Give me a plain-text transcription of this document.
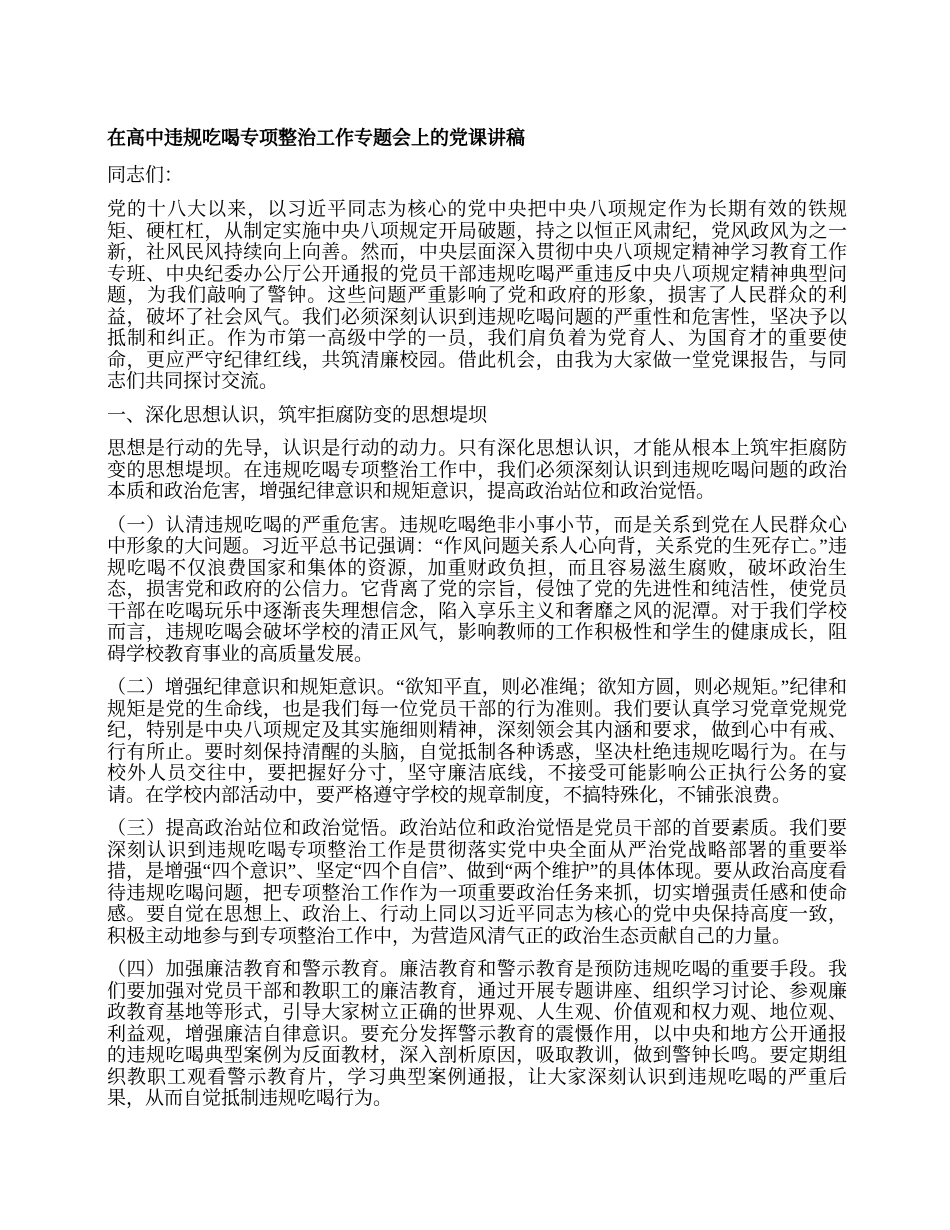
在高中违规吃喝专项整治工作专题会上的党课讲稿

同志们：

党的十八大以来，以习近平同志为核心的党中央把中央八项规定作为长期有效的铁规矩、硬杠杠，从制定实施中央八项规定开局破题，持之以恒正风肃纪，党风政风为之一新，社风民风持续向上向善。然而，中央层面深入贯彻中央八项规定精神学习教育工作专班、中央纪委办公厅公开通报的党员干部违规吃喝严重违反中央八项规定精神典型问题，为我们敲响了警钟。这些问题严重影响了党和政府的形象，损害了人民群众的利益，破坏了社会风气。我们必须深刻认识到违规吃喝问题的严重性和危害性，坚决予以抵制和纠正。作为市第一高级中学的一员，我们肩负着为党育人、为国育才的重要使命，更应严守纪律红线，共筑清廉校园。借此机会，由我为大家做一堂党课报告，与同志们共同探讨交流。

一、深化思想认识，筑牢拒腐防变的思想堤坝

思想是行动的先导，认识是行动的动力。只有深化思想认识，才能从根本上筑牢拒腐防变的思想堤坝。在违规吃喝专项整治工作中，我们必须深刻认识到违规吃喝问题的政治本质和政治危害，增强纪律意识和规矩意识，提高政治站位和政治觉悟。

（一）认清违规吃喝的严重危害。违规吃喝绝非小事小节，而是关系到党在人民群众心中形象的大问题。习近平总书记强调：“作风问题关系人心向背，关系党的生死存亡。”违规吃喝不仅浪费国家和集体的资源，加重财政负担，而且容易滋生腐败，破坏政治生态，损害党和政府的公信力。它背离了党的宗旨，侵蚀了党的先进性和纯洁性，使党员干部在吃喝玩乐中逐渐丧失理想信念，陷入享乐主义和奢靡之风的泥潭。对于我们学校而言，违规吃喝会破坏学校的清正风气，影响教师的工作积极性和学生的健康成长，阻碍学校教育事业的高质量发展。

（二）增强纪律意识和规矩意识。“欲知平直，则必准绳；欲知方圆，则必规矩。”纪律和规矩是党的生命线，也是我们每一位党员干部的行为准则。我们要认真学习党章党规党纪，特别是中央八项规定及其实施细则精神，深刻领会其内涵和要求，做到心中有戒、行有所止。要时刻保持清醒的头脑，自觉抵制各种诱惑，坚决杜绝违规吃喝行为。在与校外人员交往中，要把握好分寸，坚守廉洁底线，不接受可能影响公正执行公务的宴请。在学校内部活动中，要严格遵守学校的规章制度，不搞特殊化，不铺张浪费。

（三）提高政治站位和政治觉悟。政治站位和政治觉悟是党员干部的首要素质。我们要深刻认识到违规吃喝专项整治工作是贯彻落实党中央全面从严治党战略部署的重要举措，是增强“四个意识”、坚定“四个自信”、做到“两个维护”的具体体现。要从政治高度看待违规吃喝问题，把专项整治工作作为一项重要政治任务来抓，切实增强责任感和使命感。要自觉在思想上、政治上、行动上同以习近平同志为核心的党中央保持高度一致，积极主动地参与到专项整治工作中，为营造风清气正的政治生态贡献自己的力量。

（四）加强廉洁教育和警示教育。廉洁教育和警示教育是预防违规吃喝的重要手段。我们要加强对党员干部和教职工的廉洁教育，通过开展专题讲座、组织学习讨论、参观廉政教育基地等形式，引导大家树立正确的世界观、人生观、价值观和权力观、地位观、利益观，增强廉洁自律意识。要充分发挥警示教育的震慑作用，以中央和地方公开通报的违规吃喝典型案例为反面教材，深入剖析原因，吸取教训，做到警钟长鸣。要定期组织教职工观看警示教育片，学习典型案例通报，让大家深刻认识到违规吃喝的严重后果，从而自觉抵制违规吃喝行为。
